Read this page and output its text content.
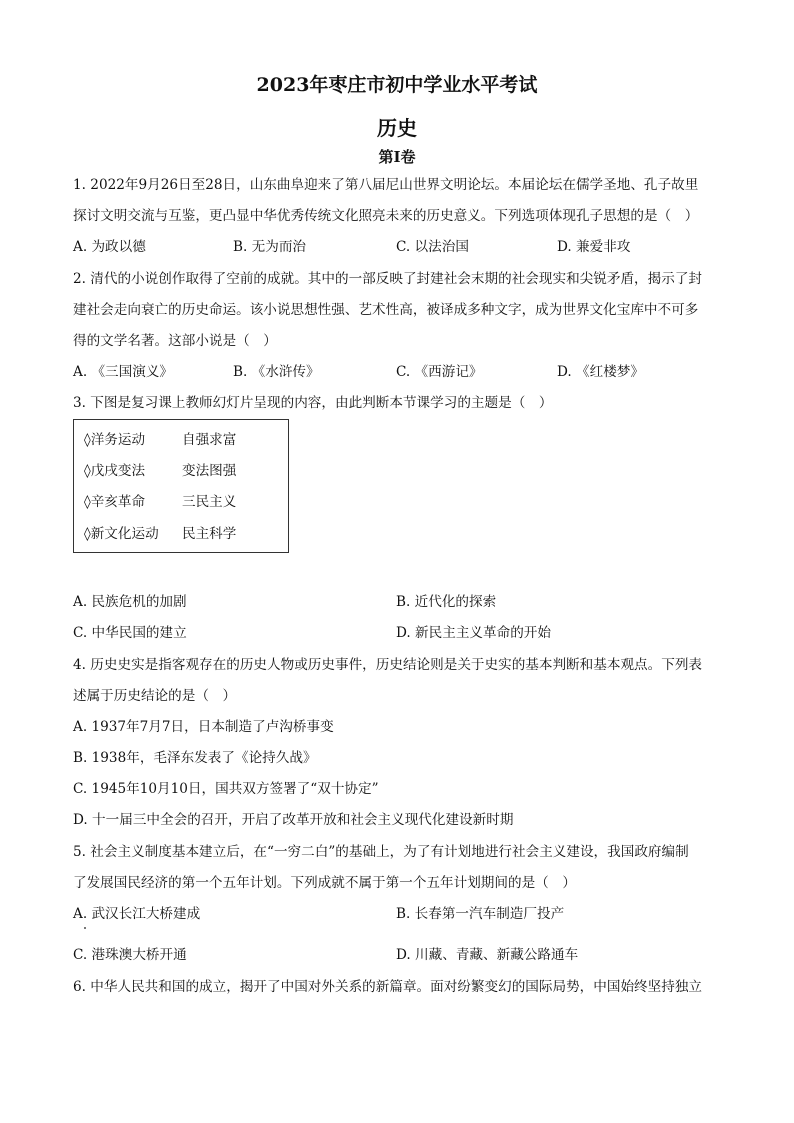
2023年枣庄市初中学业水平考试
历史
第Ⅰ卷
1. 2022年9月26日至28日，山东曲阜迎来了第八届尼山世界文明论坛。本届论坛在儒学圣地、孔子故里
探讨文明交流与互鉴，更凸显中华优秀传统文化照亮未来的历史意义。下列选项体现孔子思想的是（　）
A. 为政以德	B. 无为而治	C. 以法治国	D. 兼爱非攻
2. 清代的小说创作取得了空前的成就。其中的一部反映了封建社会末期的社会现实和尖锐矛盾，揭示了封
建社会走向衰亡的历史命运。该小说思想性强、艺术性高，被译成多种文字，成为世界文化宝库中不可多
得的文学名著。这部小说是（　）
A. 《三国演义》	B. 《水浒传》	C. 《西游记》	D. 《红楼梦》
3. 下图是复习课上教师幻灯片呈现的内容，由此判断本节课学习的主题是（　）
◊洋务运动	自强求富
◊戊戌变法	变法图强
◊辛亥革命	三民主义
◊新文化运动 民主科学
A. 民族危机的加剧	B. 近代化的探索
C. 中华民国的建立	D. 新民主主义革命的开始
4. 历史史实是指客观存在的历史人物或历史事件，历史结论则是关于史实的基本判断和基本观点。下列表
述属于历史结论的是（　）
A. 1937年7月7日，日本制造了卢沟桥事变
B. 1938年，毛泽东发表了《论持久战》
C. 1945年10月10日，国共双方签署了“双十协定”
D. 十一届三中全会的召开，开启了改革开放和社会主义现代化建设新时期
5. 社会主义制度基本建立后，在“一穷二白”的基础上，为了有计划地进行社会主义建设，我国政府编制
了发展国民经济的第一个五年计划。下列成就不属于第一个五年计划期间的是（　）
A. 武汉长江大桥建成	B. 长春第一汽车制造厂投产
C. 港珠澳大桥开通	D. 川藏、青藏、新藏公路通车
6. 中华人民共和国的成立，揭开了中国对外关系的新篇章。面对纷繁变幻的国际局势，中国始终坚持独立
